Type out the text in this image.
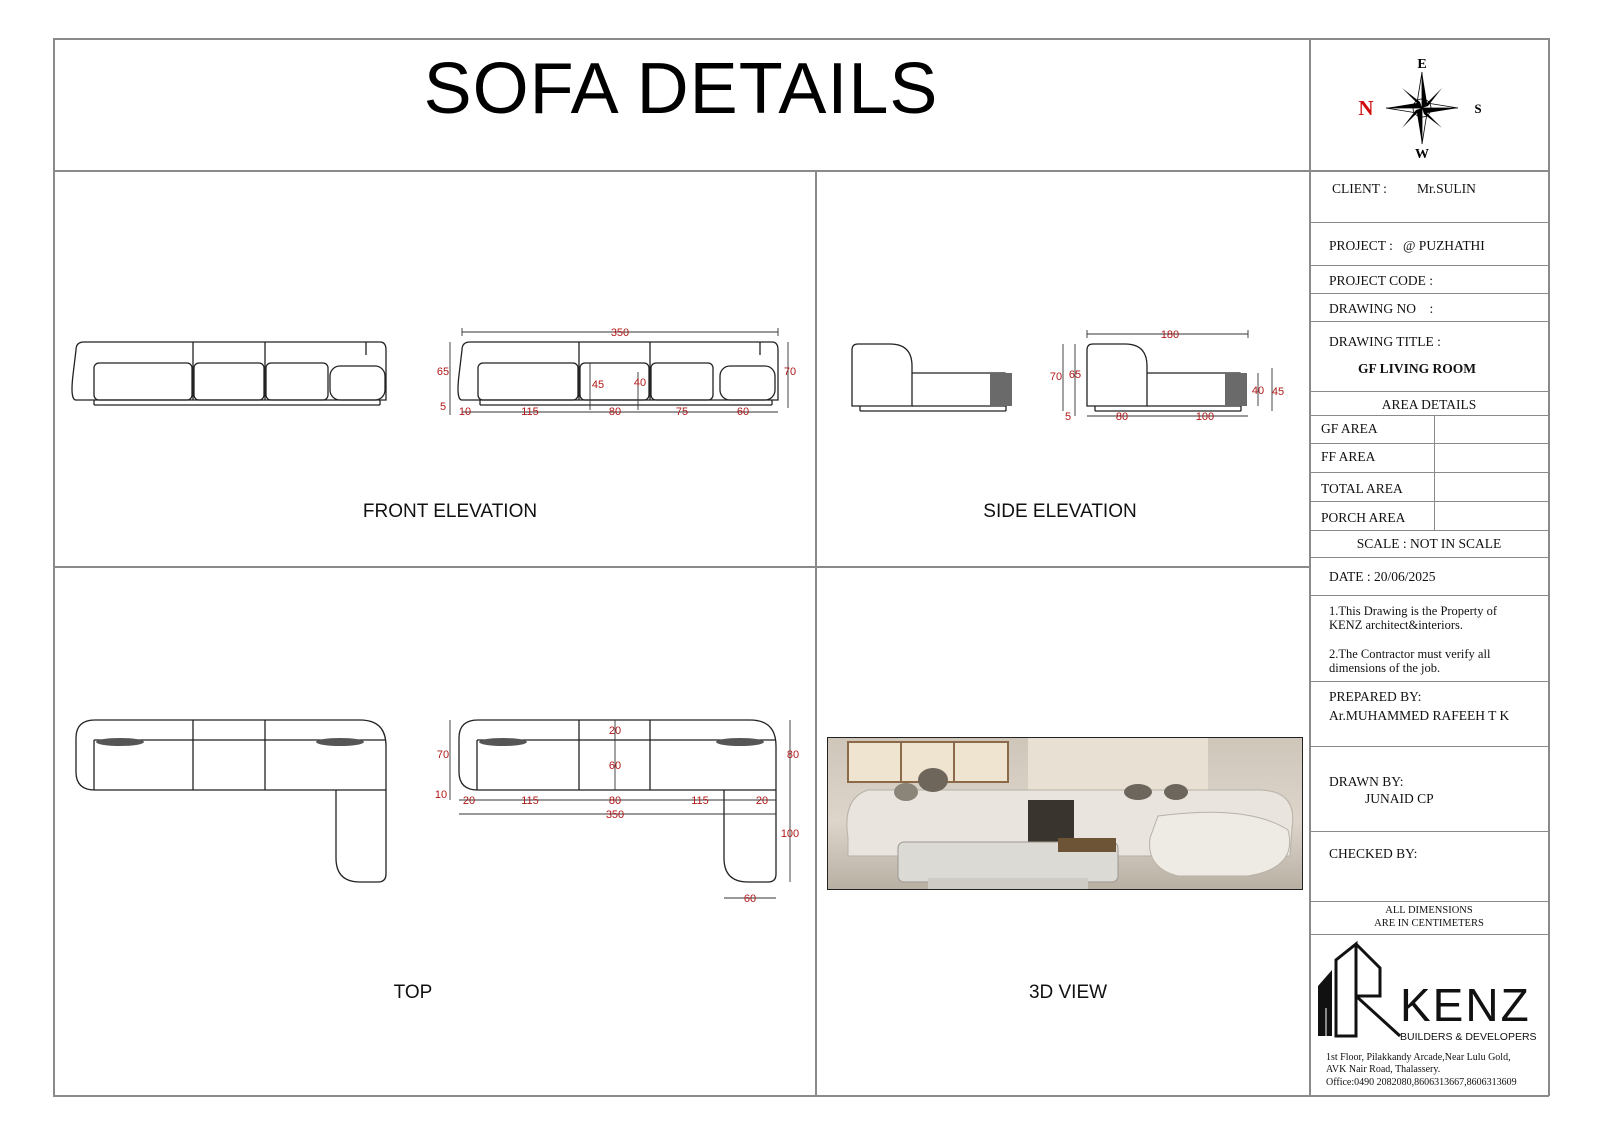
SOFA DETAILS	E
W
N	S
350
65
5
70
45	40
10	115	80	75	60
FRONT ELEVATION
180
70 65
5
40 45
80	100
SIDE ELEVATION
70
10
20
60
20	115	80	115	20
350
80
100
60
TOP	3D VIEW
CLIENT : Mr.SULIN
PROJECT : @ PUZHATHI
PROJECT CODE :
DRAWING NO    :
DRAWING TITLE :
GF LIVING ROOM
AREA DETAILS
GF AREA
FF AREA
TOTAL AREA
PORCH AREA
SCALE : NOT IN SCALE
DATE : 20/06/2025
1.This Drawing is the Property of KENZ architect&interiors.
2.The Contractor must verify all dimensions of the job.
PREPARED BY:
Ar.MUHAMMED RAFEEH T K
DRAWN BY:
JUNAID CP
CHECKED BY:
ALL DIMENSIONS
ARE IN CENTIMETERS
KENZ
BUILDERS & DEVELOPERS
1st Floor, Pilakkandy Arcade,Near Lulu Gold,
AVK Nair Road, Thalassery.
Office:0490 2082080,8606313667,8606313609
